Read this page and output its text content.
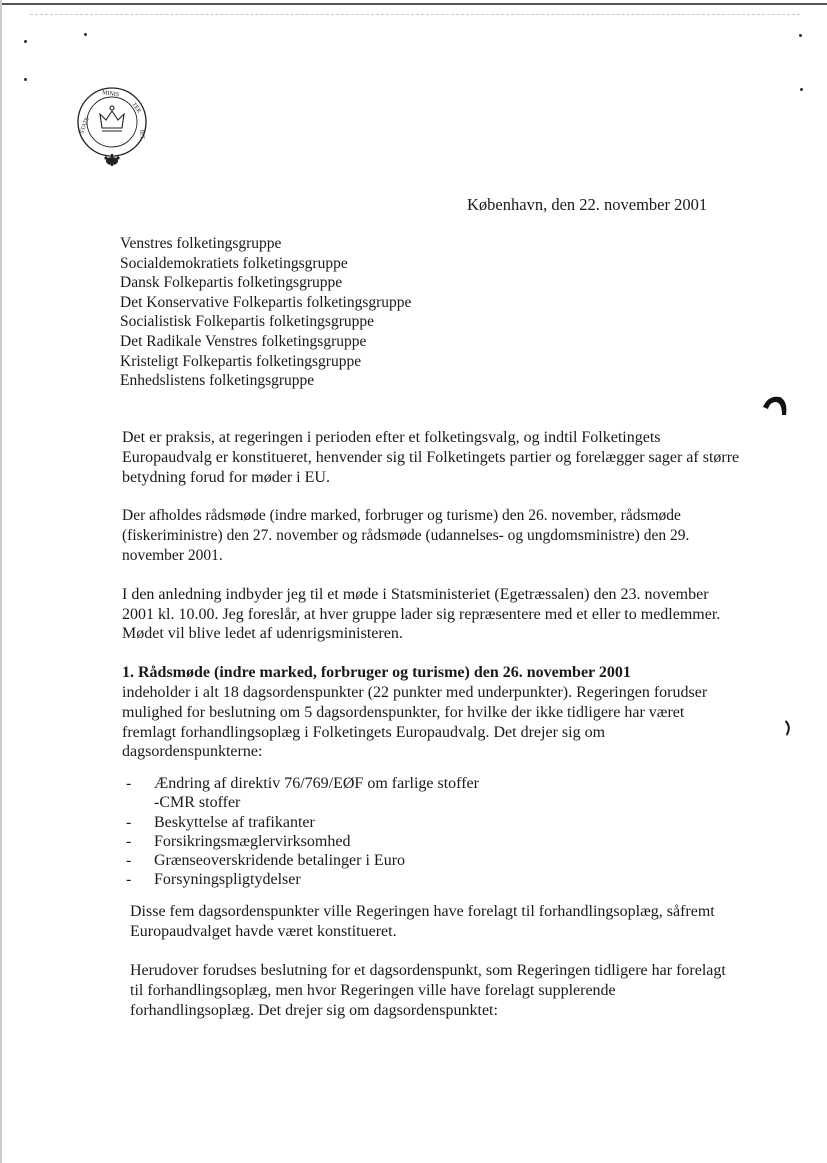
STATS
MINIS
TER
IET
København, den 22. november 2001
Venstres folketingsgruppe
Socialdemokratiets folketingsgruppe
Dansk Folkepartis folketingsgruppe
Det Konservative Folkepartis folketingsgruppe
Socialistisk Folkepartis folketingsgruppe
Det Radikale Venstres folketingsgruppe
Kristeligt Folkepartis folketingsgruppe
Enhedslistens folketingsgruppe

Det er praksis, at regeringen i perioden efter et folketingsvalg, og indtil Folketingets Europaudvalg er konstitueret, henvender sig til Folketingets partier og forelægger sager af større betydning forud for møder i EU.

Der afholdes rådsmøde (indre marked, forbruger og turisme) den 26. november, rådsmøde (fiskeriministre) den 27. november og rådsmøde (udannelses- og ungdomsministre) den 29. november 2001.

I den anledning indbyder jeg til et møde i Statsministeriet (Egetræssalen) den 23. november 2001 kl. 10.00. Jeg foreslår, at hver gruppe lader sig repræsentere med et eller to medlemmer. Mødet vil blive ledet af udenrigsministeren.

1. Rådsmøde (indre marked, forbruger og turisme) den 26. november 2001
indeholder i alt 18 dagsordenspunkter (22 punkter med underpunkter). Regeringen forudser mulighed for beslutning om 5 dagsordenspunkter, for hvilke der ikke tidligere har været fremlagt forhandlingsoplæg i Folketingets Europaudvalg. Det drejer sig om dagsordenspunkterne:
- Ændring af direktiv 76/769/EØF om farlige stoffer
-CMR stoffer
- Beskyttelse af trafikanter
- Forsikringsmæglervirksomhed
- Grænseoverskridende betalinger i Euro
- Forsyningspligtydelser

Disse fem dagsordenspunkter ville Regeringen have forelagt til forhandlingsoplæg, såfremt Europaudvalget havde været konstitueret.

Herudover forudses beslutning for et dagsordenspunkt, som Regeringen tidligere har forelagt til forhandlingsoplæg, men hvor Regeringen ville have forelagt supplerende forhandlingsoplæg. Det drejer sig om dagsordenspunktet:
